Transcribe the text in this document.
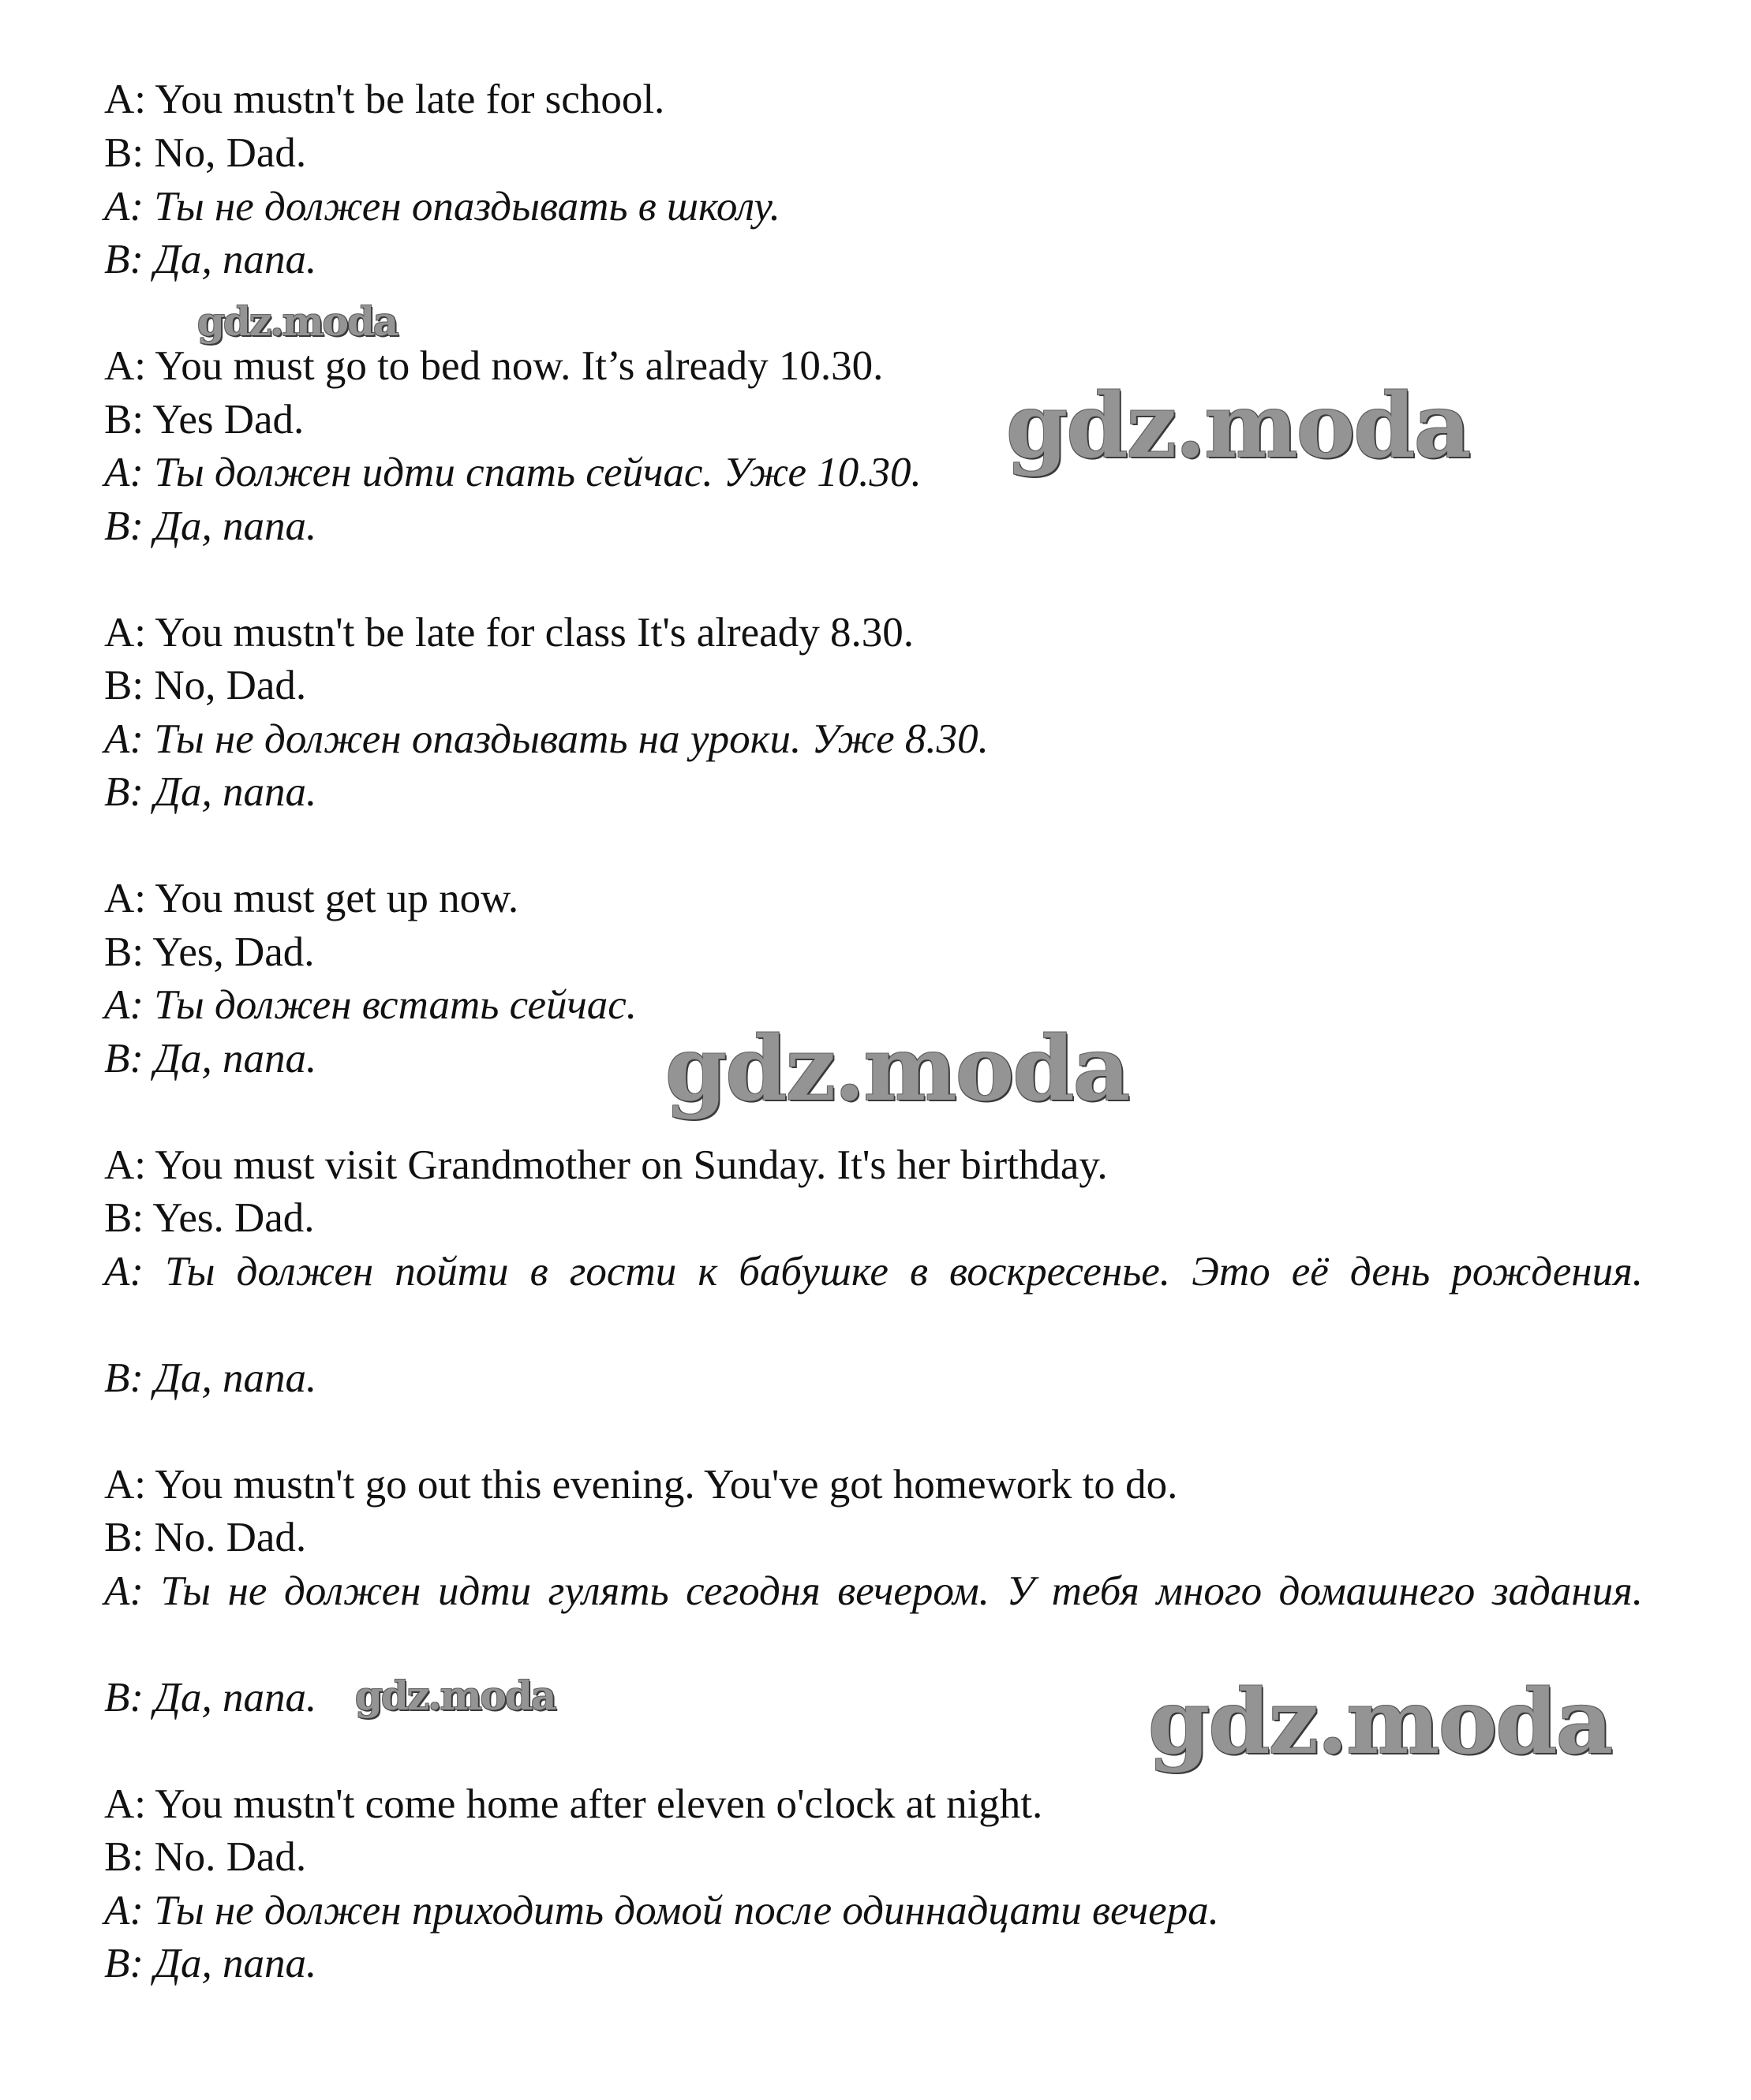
A: You mustn't be late for school.

B: No, Dad.

A: Ты не должен опаздывать в школу.

B: Да, папа.

A: You must go to bed now. It’s already 10.30.

B: Yes Dad.

A: Ты должен идти спать сейчас. Уже 10.30.

B: Да, папа.

A: You mustn't be late for class It's already 8.30.

B: No, Dad.

A: Ты не должен опаздывать на уроки. Уже 8.30.

B: Да, папа.

A: You must get up now.

B: Yes, Dad.

A: Ты должен встать сейчас.

B: Да, папа.

A: You must visit Grandmother on Sunday. It's her birthday.

B: Yes. Dad.

A: Ты должен пойти в гости к бабушке в воскресенье. Это её день рождения.

B: Да, папа.

A: You mustn't go out this evening. You've got homework to do.

B: No. Dad.

A: Ты не должен идти гулять сегодня вечером. У тебя много домашнего задания.

B: Да, папа.

A: You mustn't come home after eleven o'clock at night.

B: No. Dad.

A: Ты не должен приходить домой после одиннадцати вечера.

B: Да, папа.

gdz.moda
gdz.moda
gdz.moda
gdz.moda	gdz.moda
